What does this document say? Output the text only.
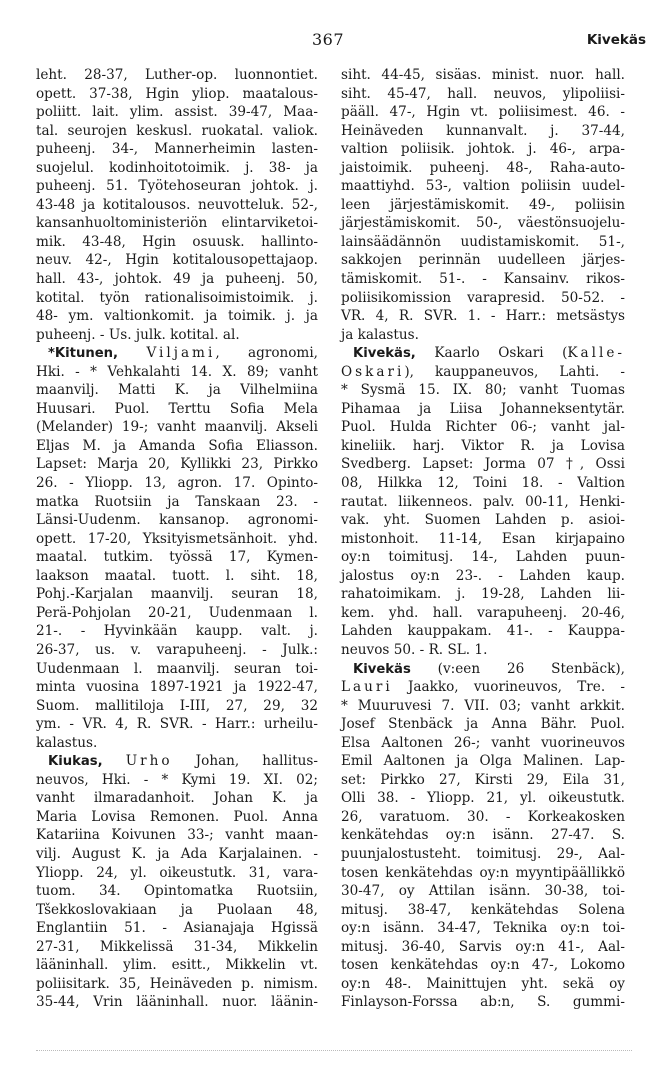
367	Kivekäs
leht. 28-37, Luther-op. luonnontiet.
opett. 37-38, Hgin yliop. maatalous-
poliitt. lait. ylim. assist. 39-47, Maa-
tal. seurojen keskusl. ruokatal. valiok.
puheenj. 34-, Mannerheimin lasten-
suojelul. kodinhoitotoimik. j. 38- ja
puheenj. 51. Työtehoseuran johtok. j.
43-48 ja kotitalousos. neuvotteluk. 52-,
kansanhuoltoministeriön elintarviketoi-
mik. 43-48, Hgin osuusk. hallinto-
neuv. 42-, Hgin kotitalousopettajaop.
hall. 43-, johtok. 49 ja puheenj. 50,
kotital. työn rationalisoimistoimik. j.
48- ym. valtionkomit. ja toimik. j. ja
puheenj. - Us. julk. kotital. al.
*Kitunen, Viljami, agronomi,
Hki. - * Vehkalahti 14. X. 89; vanht
maanvilj. Matti K. ja Vilhelmiina
Huusari. Puol. Terttu Sofia Mela
(Melander) 19-; vanht maanvilj. Akseli
Eljas M. ja Amanda Sofia Eliasson.
Lapset: Marja 20, Kyllikki 23, Pirkko
26. - Yliopp. 13, agron. 17. Opinto-
matka Ruotsiin ja Tanskaan 23. -
Länsi-Uudenm. kansanop. agronomi-
opett. 17-20, Yksityismetsänhoit. yhd.
maatal. tutkim. työssä 17, Kymen-
laakson maatal. tuott. l. siht. 18,
Pohj.-Karjalan maanvilj. seuran 18,
Perä-Pohjolan 20-21, Uudenmaan l.
21-. - Hyvinkään kaupp. valt. j.
26-37, us. v. varapuheenj. - Julk.:
Uudenmaan l. maanvilj. seuran toi-
minta vuosina 1897-1921 ja 1922-47,
Suom. mallitiloja I-III, 27, 29, 32
ym. - VR. 4, R. SVR. - Harr.: urheilu-
kalastus.
Kiukas, Urho Johan, hallitus-
neuvos, Hki. - * Kymi 19. XI. 02;
vanht ilmaradanhoit. Johan K. ja
Maria Lovisa Remonen. Puol. Anna
Katariina Koivunen 33-; vanht maan-
vilj. August K. ja Ada Karjalainen. -
Yliopp. 24, yl. oikeustutk. 31, vara-
tuom. 34. Opintomatka Ruotsiin,
Tšekkoslovakiaan ja Puolaan 48,
Englantiin 51. - Asianajaja Hgissä
27-31, Mikkelissä 31-34, Mikkelin
lääninhall. ylim. esitt., Mikkelin vt.
poliisitark. 35, Heinäveden p. nimism.
35-44, Vrin lääninhall. nuor. läänin-
siht. 44-45, sisäas. minist. nuor. hall.
siht. 45-47, hall. neuvos, ylipoliisi-
pääll. 47-, Hgin vt. poliisimest. 46. -
Heinäveden kunnanvalt. j. 37-44,
valtion poliisik. johtok. j. 46-, arpa-
jaistoimik. puheenj. 48-, Raha-auto-
maattiyhd. 53-, valtion poliisin uudel-
leen järjestämiskomit. 49-, poliisin
järjestämiskomit. 50-, väestönsuojelu-
lainsäädännön uudistamiskomit. 51-,
sakkojen perinnän uudelleen järjes-
tämiskomit. 51-. - Kansainv. rikos-
poliisikomission varapresid. 50-52. -
VR. 4, R. SVR. 1. - Harr.: metsästys
ja kalastus.
Kivekäs, Kaarlo Oskari (Kalle-
Oskari), kauppaneuvos, Lahti. -
* Sysmä 15. IX. 80; vanht Tuomas
Pihamaa ja Liisa Johanneksentytär.
Puol. Hulda Richter 06-; vanht jal-
kineliik. harj. Viktor R. ja Lovisa
Svedberg. Lapset: Jorma 07 †, Ossi
08, Hilkka 12, Toini 18. - Valtion
rautat. liikenneos. palv. 00-11, Henki-
vak. yht. Suomen Lahden p. asioi-
mistonhoit. 11-14, Esan kirjapaino
oy:n toimitusj. 14-, Lahden puun-
jalostus oy:n 23-. - Lahden kaup.
rahatoimikam. j. 19-28, Lahden lii-
kem. yhd. hall. varapuheenj. 20-46,
Lahden kauppakam. 41-. - Kauppa-
neuvos 50. - R. SL. 1.
Kivekäs (v:een 26 Stenbäck),
Lauri Jaakko, vuorineuvos, Tre. -
* Muuruvesi 7. VII. 03; vanht arkkit.
Josef Stenbäck ja Anna Bähr. Puol.
Elsa Aaltonen 26-; vanht vuorineuvos
Emil Aaltonen ja Olga Malinen. Lap-
set: Pirkko 27, Kirsti 29, Eila 31,
Olli 38. - Yliopp. 21, yl. oikeustutk.
26, varatuom. 30. - Korkeakosken
kenkätehdas oy:n isänn. 27-47. S.
puunjalostusteht. toimitusj. 29-, Aal-
tosen kenkätehdas oy:n myyntipäällikkö
30-47, oy Attilan isänn. 30-38, toi-
mitusj. 38-47, kenkätehdas Solena
oy:n isänn. 34-47, Teknika oy:n toi-
mitusj. 36-40, Sarvis oy:n 41-, Aal-
tosen kenkätehdas oy:n 47-, Lokomo
oy:n 48-. Mainittujen yht. sekä oy
Finlayson-Forssa ab:n, S. gummi-
